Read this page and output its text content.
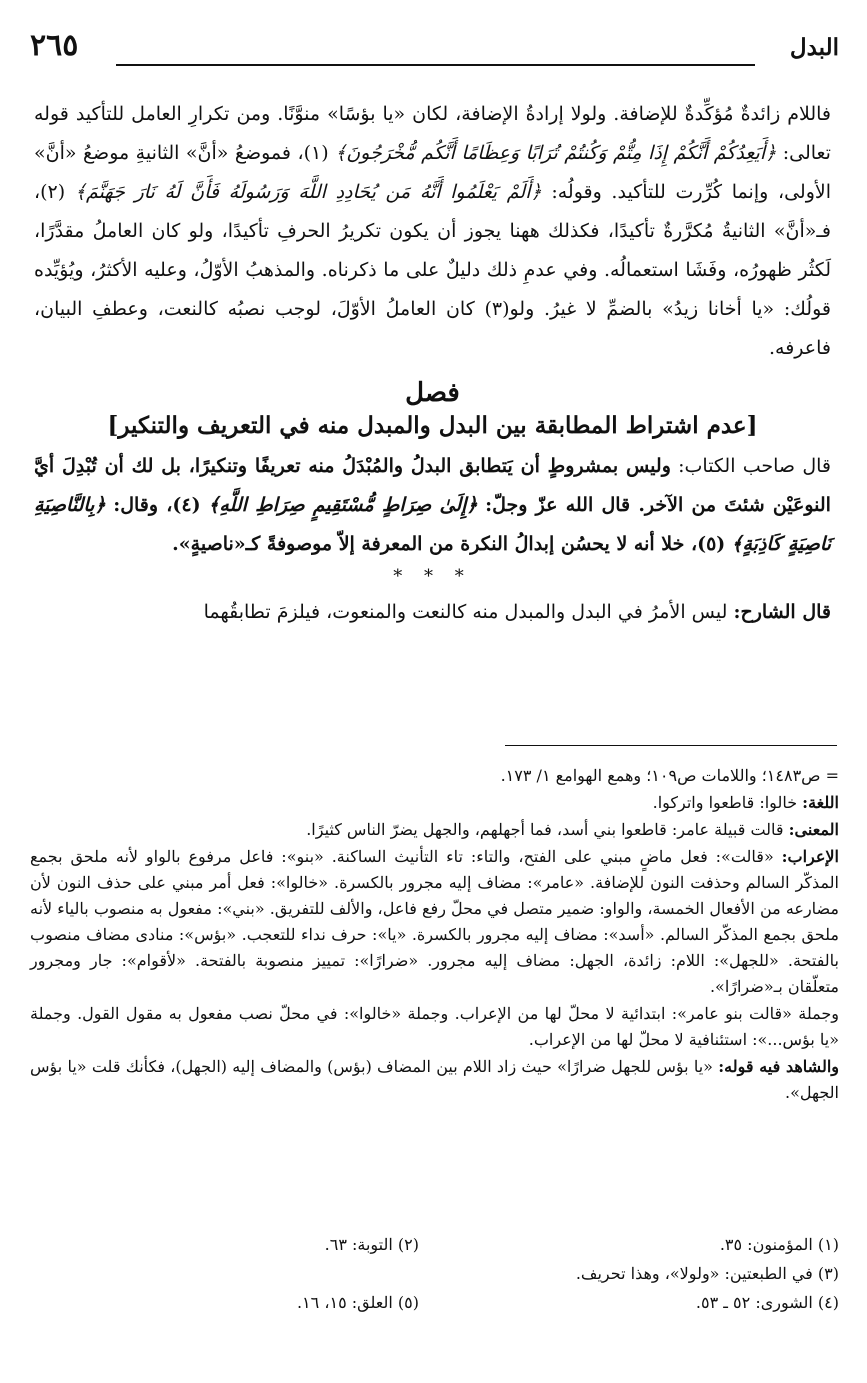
البدل
٢٦٥

فاللام زائدةٌ مُؤكِّدةٌ للإضافة. ولولا إرادةُ الإضافة، لكان «يا بؤسًا» منوَّنًا. ومن تكرارِ العامل للتأكيد قوله تعالى: ﴿أَيَعِدُكُمْ أَنَّكُمْ إِذَا مِتُّمْ وَكُنتُمْ تُرَابًا وَعِظَامًا أَنَّكُم مُّخْرَجُونَ﴾ (١)، فموضعُ «أنَّ» الثانيةِ موضعُ «أنَّ» الأولى، وإنما كُرِّرت للتأكيد. وقولُه: ﴿أَلَمْ يَعْلَمُوا أَنَّهُ مَن يُحَادِدِ اللَّهَ وَرَسُولَهُ فَأَنَّ لَهُ نَارَ جَهَنَّمَ﴾ (٢)، فـ«أنَّ» الثانيةُ مُكرَّرةٌ تأكيدًا، فكذلك ههنا يجوز أن يكون تكريرُ الحرفِ تأكيدًا، ولو كان العاملُ مقدَّرًا، لَكثُر ظهورُه، وفَشَا استعمالُه. وفي عدمِ ذلك دليلٌ على ما ذكرناه. والمذهبُ الأوّلُ، وعليه الأكثرُ، ويُؤيِّده قولُك: «يا أخانا زيدُ» بالضمِّ لا غيرُ. ولو(٣) كان العاملُ الأوّلَ، لوجب نصبُه كالنعت، وعطفِ البيان، فاعرفه.

فصل
[عدم اشتراط المطابقة بين البدل والمبدل منه في التعريف والتنكير]

قال صاحب الكتاب: وليس بمشروطٍ أن يَتطابق البدلُ والمُبْدَلُ منه تعريفًا وتنكيرًا، بل لك أن تُبْدِلَ أيَّ النوعَيْن شئتَ من الآخر. قال الله عزّ وجلّ: ﴿إِلَىٰ صِرَاطٍ مُّسْتَقِيمٍ صِرَاطِ اللَّهِ﴾ (٤)، وقال: ﴿بِالنَّاصِيَةِ نَاصِيَةٍ كَاذِبَةٍ﴾ (٥)، خلا أنه لا يحسُن إبدالُ النكرة من المعرفة إلاّ موصوفةً كـ«ناصيةٍ».

* * *

قال الشارح: ليس الأمرُ في البدل والمبدل منه كالنعت والمنعوت، فيلزمَ تطابقُهما

= ص١٤٨٣؛ واللامات ص١٠٩؛ وهمع الهوامع ١/ ١٧٣.

اللغة: خالوا: قاطعوا واتركوا.

المعنى: قالت قبيلة عامر: قاطعوا بني أسد، فما أجهلهم، والجهل يضرّ الناس كثيرًا.

الإعراب: «قالت»: فعل ماضٍ مبني على الفتح، والتاء: تاء التأنيث الساكنة. «بنو»: فاعل مرفوع بالواو لأنه ملحق بجمع المذكّر السالم وحذفت النون للإضافة. «عامر»: مضاف إليه مجرور بالكسرة. «خالوا»: فعل أمر مبني على حذف النون لأن مضارعه من الأفعال الخمسة، والواو: ضمير متصل في محلّ رفع فاعل، والألف للتفريق. «بني»: مفعول به منصوب بالياء لأنه ملحق بجمع المذكّر السالم. «أسد»: مضاف إليه مجرور بالكسرة. «يا»: حرف نداء للتعجب. «بؤس»: منادى مضاف منصوب بالفتحة. «للجهل»: اللام: زائدة، الجهل: مضاف إليه مجرور. «ضرارًا»: تمييز منصوبة بالفتحة. «لأقوام»: جار ومجرور متعلّقان بـ«ضرارًا».

وجملة «قالت بنو عامر»: ابتدائية لا محلّ لها من الإعراب. وجملة «خالوا»: في محلّ نصب مفعول به مقول القول. وجملة «يا بؤس...»: استئنافية لا محلّ لها من الإعراب.

والشاهد فيه قوله: «يا بؤس للجهل ضرارًا» حيث زاد اللام بين المضاف (بؤس) والمضاف إليه (الجهل)، فكأنك قلت «يا بؤس الجهل».

(١) المؤمنون: ٣٥.
(٢) التوبة: ٦٣.
(٣) في الطبعتين: «ولولا»، وهذا تحريف.
(٤) الشورى: ٥٢ ـ ٥٣.
(٥) العلق: ١٥، ١٦.
